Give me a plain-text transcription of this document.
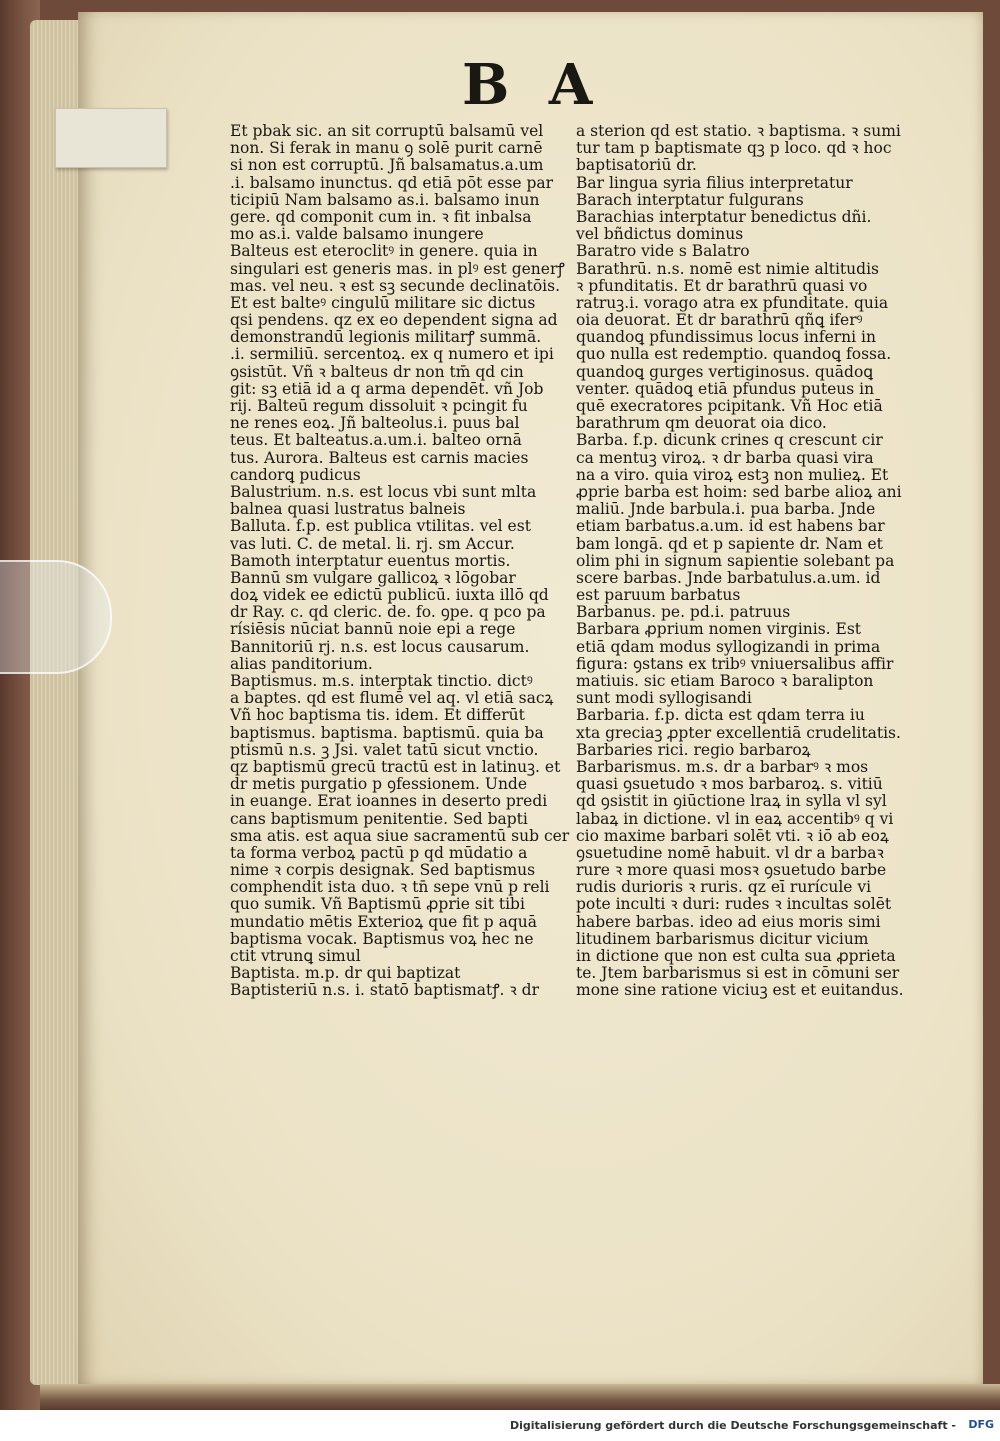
B A
Et pbak sic. an sit corruptū balsamū vel
non. Si ferak in manu ꝯ solē purit carnē
si non est corruptū. Jñ balsamatus.a.um
.i. balsamo inunctus. qd etiā pōt esse par
ticipiū Nam balsamo as.i. balsamo inun
gere. qd componit cum in. ꝛ fit inbalsa
mo as.i. valde balsamo inungere
Balteus est eteroclitꝰ in genere. quia in
singulari est generis mas. in plꝰ est generꝭ
mas. vel neu. ꝛ est sꝫ secunde declinatōis.
Et est balteꝰ cingulū militare sic dictus
qsi pendens. qz ex eo dependent signa ad
demonstrandū legionis militarꝭ summā.
.i. sermiliū. sercentoꝝ. ex q numero et ipi
ꝯsistūt. Vñ ꝛ balteus dr non tm̄ qd cin
git: sꝫ etiā id a q arma dependēt. vñ Job
rij. Balteū regum dissoluit ꝛ pcingit fu
ne renes eoꝝ. Jñ balteolus.i. puus bal
teus. Et balteatus.a.um.i. balteo ornā
tus. Aurora. Balteus est carnis macies
candorꝗ pudicus
Balustrium. n.s. est locus vbi sunt mlta
balnea quasi lustratus balneis
Balluta. f.p. est publica vtilitas. vel est
vas luti. C. de metal. li. rj. sm Accur.
Bamoth interptatur euentus mortis.
Bannū sm vulgare gallicoꝝ ꝛ lōgobar
doꝝ videk ee edictū publicū. iuxta illō qd
dr Ray. c. qd cleric. de. fo. ꝯpe. q pco pa
rísiēsis nūciat bannū noie epi a rege
Bannitoriū rj. n.s. est locus causarum.
alias panditorium.
Baptismus. m.s. interptak tinctio. dictꝰ
a baptes. qd est flumē vel aq. vl etiā sacꝝ
Vñ hoc baptisma tis. idem. Et differūt
baptismus. baptisma. baptismū. quia ba
ptismū n.s. ꝫ Jsi. valet tatū sicut vnctio.
qz baptismū grecū tractū est in latinuꝫ. et
dr metis purgatio p ꝯfessionem. Unde
in euange. Erat ioannes in deserto predi
cans baptismum penitentie. Sed bapti
sma atis. est aqua siue sacramentū sub cer
ta forma verboꝝ pactū p qd mūdatio a
nime ꝛ corpis designak. Sed baptismus
comphendit ista duo. ꝛ tn̄ sepe vnū p reli
quo sumik. Vñ Baptismū ꝓprie sit tibi
mundatio mētis Exterioꝝ que fit p aquā
baptisma vocak. Baptismus voꝝ hec ne
ctit vtrunꝗ simul
Baptista. m.p. dr qui baptizat
Baptisteriū n.s. i. statō baptismatꝭ. ꝛ dr
a sterion qd est statio. ꝛ baptisma. ꝛ sumi
tur tam p baptismate qꝫ p loco. qd ꝛ hoc
baptisatoriū dr.
Bar lingua syria filius interpretatur
Barach interptatur fulgurans
Barachias interptatur benedictus dñi.
vel bñdictus dominus
Baratro vide s Balatro
Barathrū. n.s. nomē est nimie altitudis
ꝛ pfunditatis. Et dr barathrū quasi vo
ratruꝫ.i. vorago atra ex pfunditate. quia
oia deuorat. Et dr barathrū qñꝗ iferꝰ
quandoꝗ pfundissimus locus inferni in
quo nulla est redemptio. quandoꝗ fossa.
quandoꝗ gurges vertiginosus. quādoꝗ
venter. quādoꝗ etiā pfundus puteus in
quē execratores pcipitank. Vñ Hoc etiā
barathrum qm deuorat oia dico.
Barba. f.p. dicunk crines q crescunt cir
ca mentuꝫ viroꝝ. ꝛ dr barba quasi vira
na a viro. quia viroꝝ estꝫ non mulieꝝ. Et
ꝓprie barba est hoim: sed barbe alioꝝ ani
maliū. Jnde barbula.i. pua barba. Jnde
etiam barbatus.a.um. id est habens bar
bam longā. qd et p sapiente dr. Nam et
olim phi in signum sapientie solebant pa
scere barbas. Jnde barbatulus.a.um. id
est paruum barbatus
Barbanus. pe. pd.i. patruus
Barbara ꝓprium nomen virginis. Est
etiā qdam modus syllogizandi in prima
figura: ꝯstans ex tribꝰ vniuersalibus affir
matiuis. sic etiam Baroco ꝛ baralipton
sunt modi syllogisandi
Barbaria. f.p. dicta est qdam terra iu
xta greciaꝫ ꝓpter excellentiā crudelitatis.
Barbaries rici. regio barbaroꝝ
Barbarismus. m.s. dr a barbarꝰ ꝛ mos
quasi ꝯsuetudo ꝛ mos barbaroꝝ. s. vitiū
qd ꝯsistit in ꝯiūctione lraꝝ in sylla vl syl
labaꝝ in dictione. vl in eaꝝ accentibꝰ q vi
cio maxime barbari solēt vti. ꝛ iō ab eoꝝ
ꝯsuetudine nomē habuit. vl dr a barbaꝛ
rure ꝛ more quasi mosꝛ ꝯsuetudo barbe
rudis durioris ꝛ ruris. qz eī rurícule vi
pote inculti ꝛ duri: rudes ꝛ incultas solēt
habere barbas. ideo ad eius moris simi
litudinem barbarismus dicitur vicium
in dictione que non est culta sua ꝓprieta
te. Jtem barbarismus si est in cōmuni ser
mone sine ratione viciuꝫ est et euitandus.
Digitalisierung gefördert durch die Deutsche Forschungsgemeinschaft - DFG
